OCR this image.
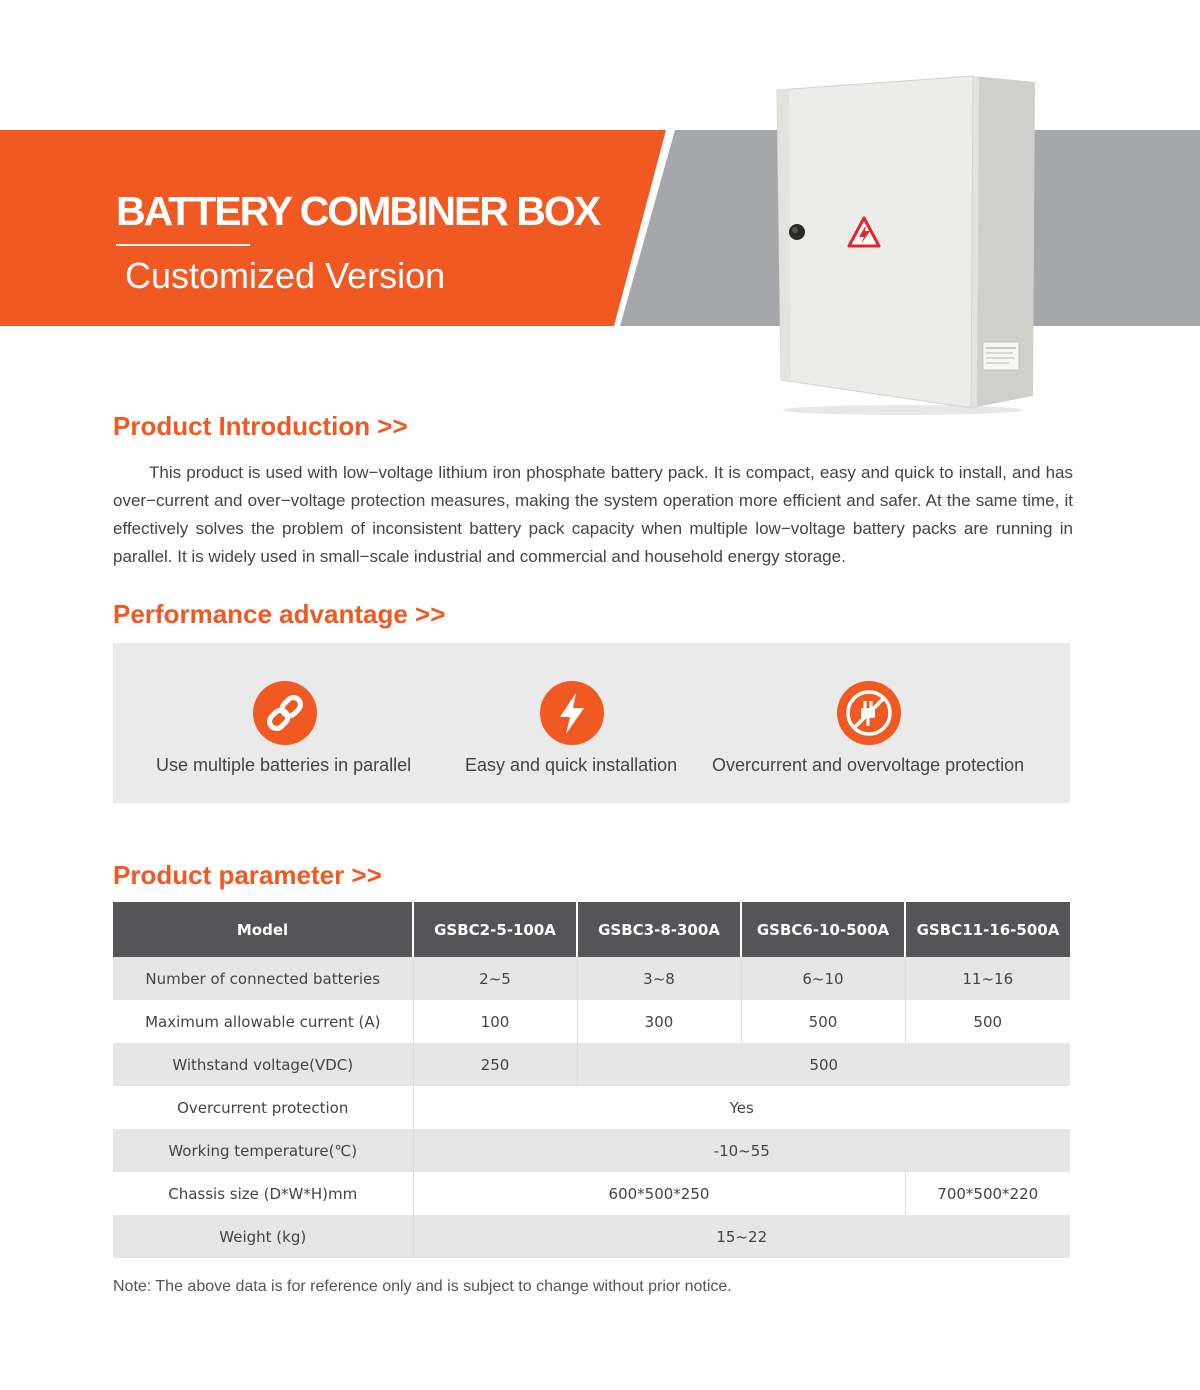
BATTERY COMBINER BOX
Customized Version
Product Introduction >>

This product is used with low−voltage lithium iron phosphate battery pack. It is compact, easy and quick to install, and has over−current and over−voltage protection measures, making the system operation more efficient and safer. At the same time, it effectively solves the problem of inconsistent battery pack capacity when multiple low−voltage battery packs are running in parallel. It is widely used in small−scale industrial and commercial and household energy storage.

Performance advantage >>
Use multiple batteries in parallel	Easy and quick installation Overcurrent and overvoltage protection
Product parameter >>
Model	GSBC2-5-100A	GSBC3-8-300A	GSBC6-10-500A	GSBC11-16-500A
Number of connected batteries	2~5	3~8	6~10	11~16
Maximum allowable current (A)	100	300	500	500
Withstand voltage(VDC)	250	500		
Overcurrent protection	Yes			
Working temperature(℃)	-10~55			
Chassis size (D*W*H)mm	600*500*250			700*500*220
Weight (kg)	15~22			

Note: The above data is for reference only and is subject to change without prior notice.
